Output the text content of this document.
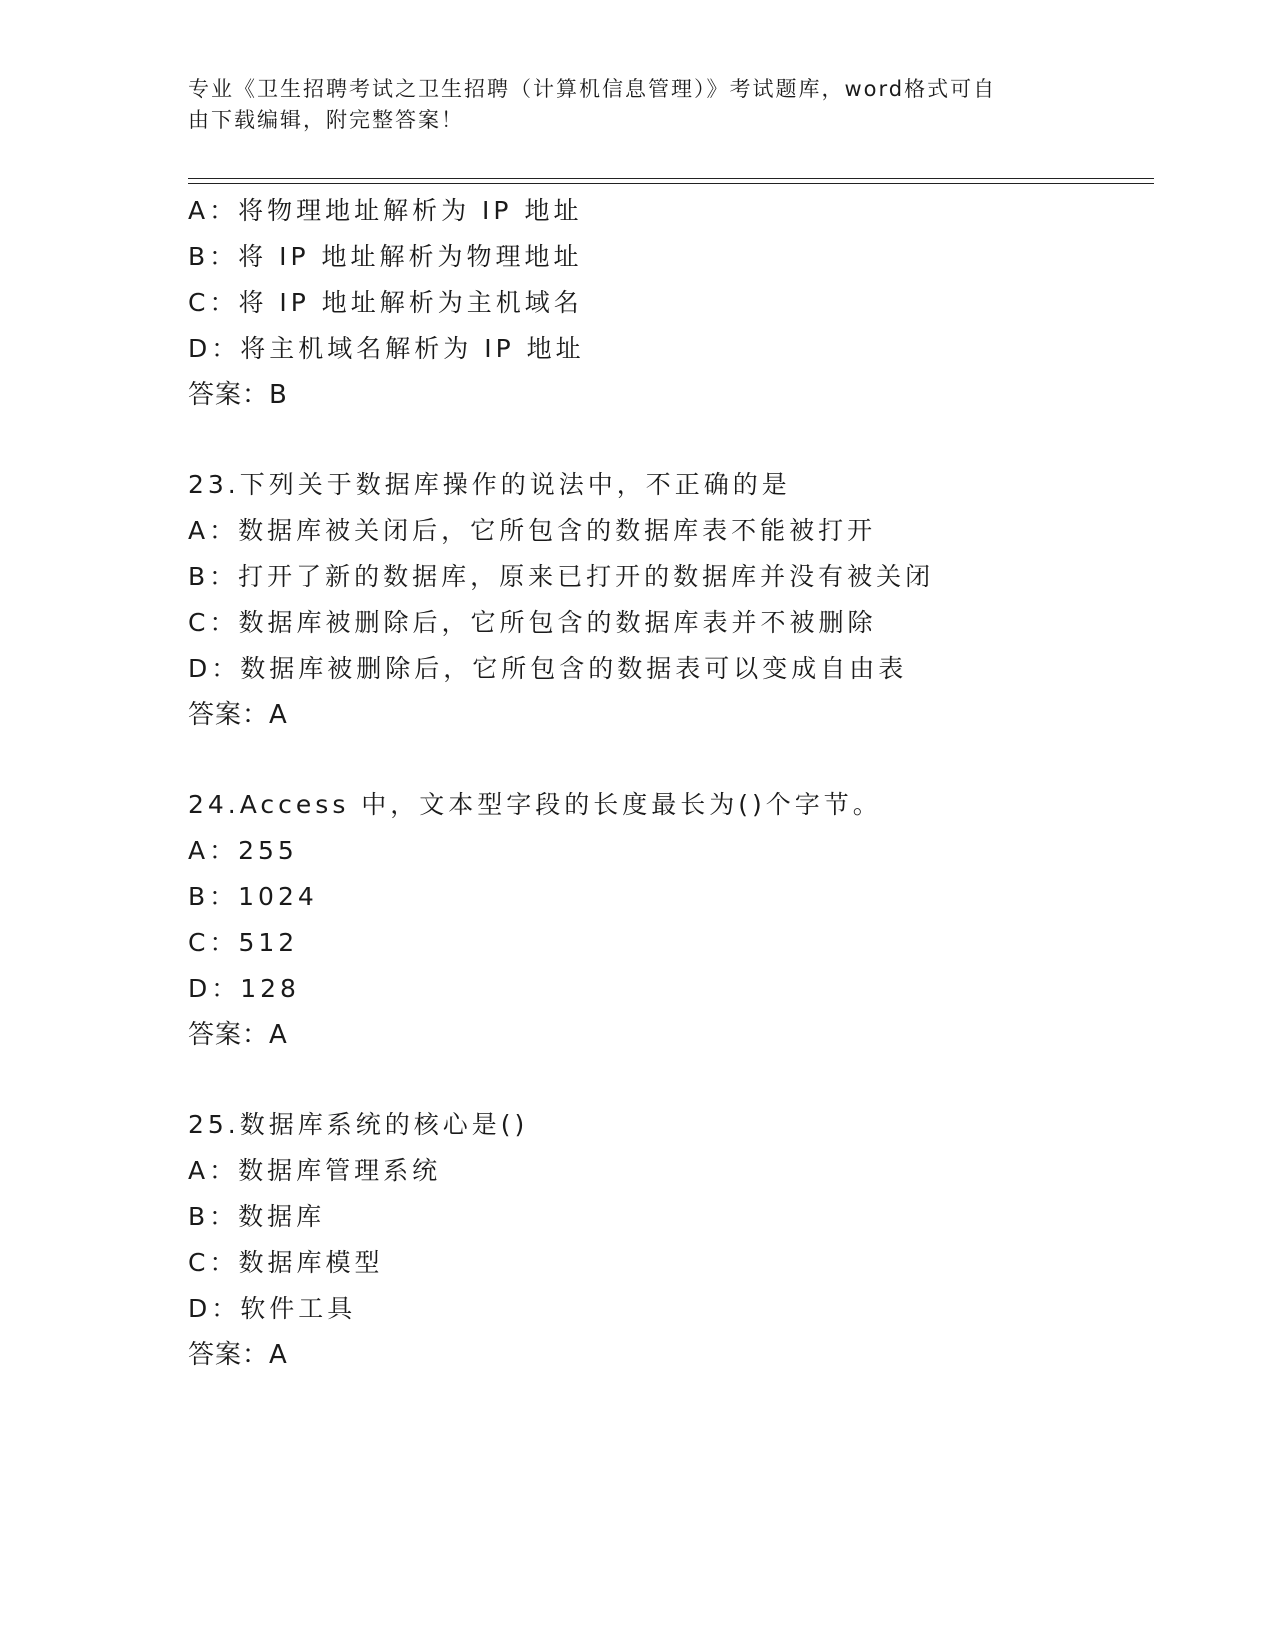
专业《卫生招聘考试之卫生招聘（计算机信息管理）》考试题库，word格式可自
由下载编辑，附完整答案！
A：将物理地址解析为 IP 地址
B：将 IP 地址解析为物理地址
C：将 IP 地址解析为主机域名
D：将主机域名解析为 IP 地址
答案：B
23.下列关于数据库操作的说法中，不正确的是
A：数据库被关闭后，它所包含的数据库表不能被打开
B：打开了新的数据库，原来已打开的数据库并没有被关闭
C：数据库被删除后，它所包含的数据库表并不被删除
D：数据库被删除后，它所包含的数据表可以变成自由表
答案：A
24.Access 中，文本型字段的长度最长为()个字节。
A：255
B：1024
C：512
D：128
答案：A
25.数据库系统的核心是()
A：数据库管理系统
B：数据库
C：数据库模型
D：软件工具
答案：A
